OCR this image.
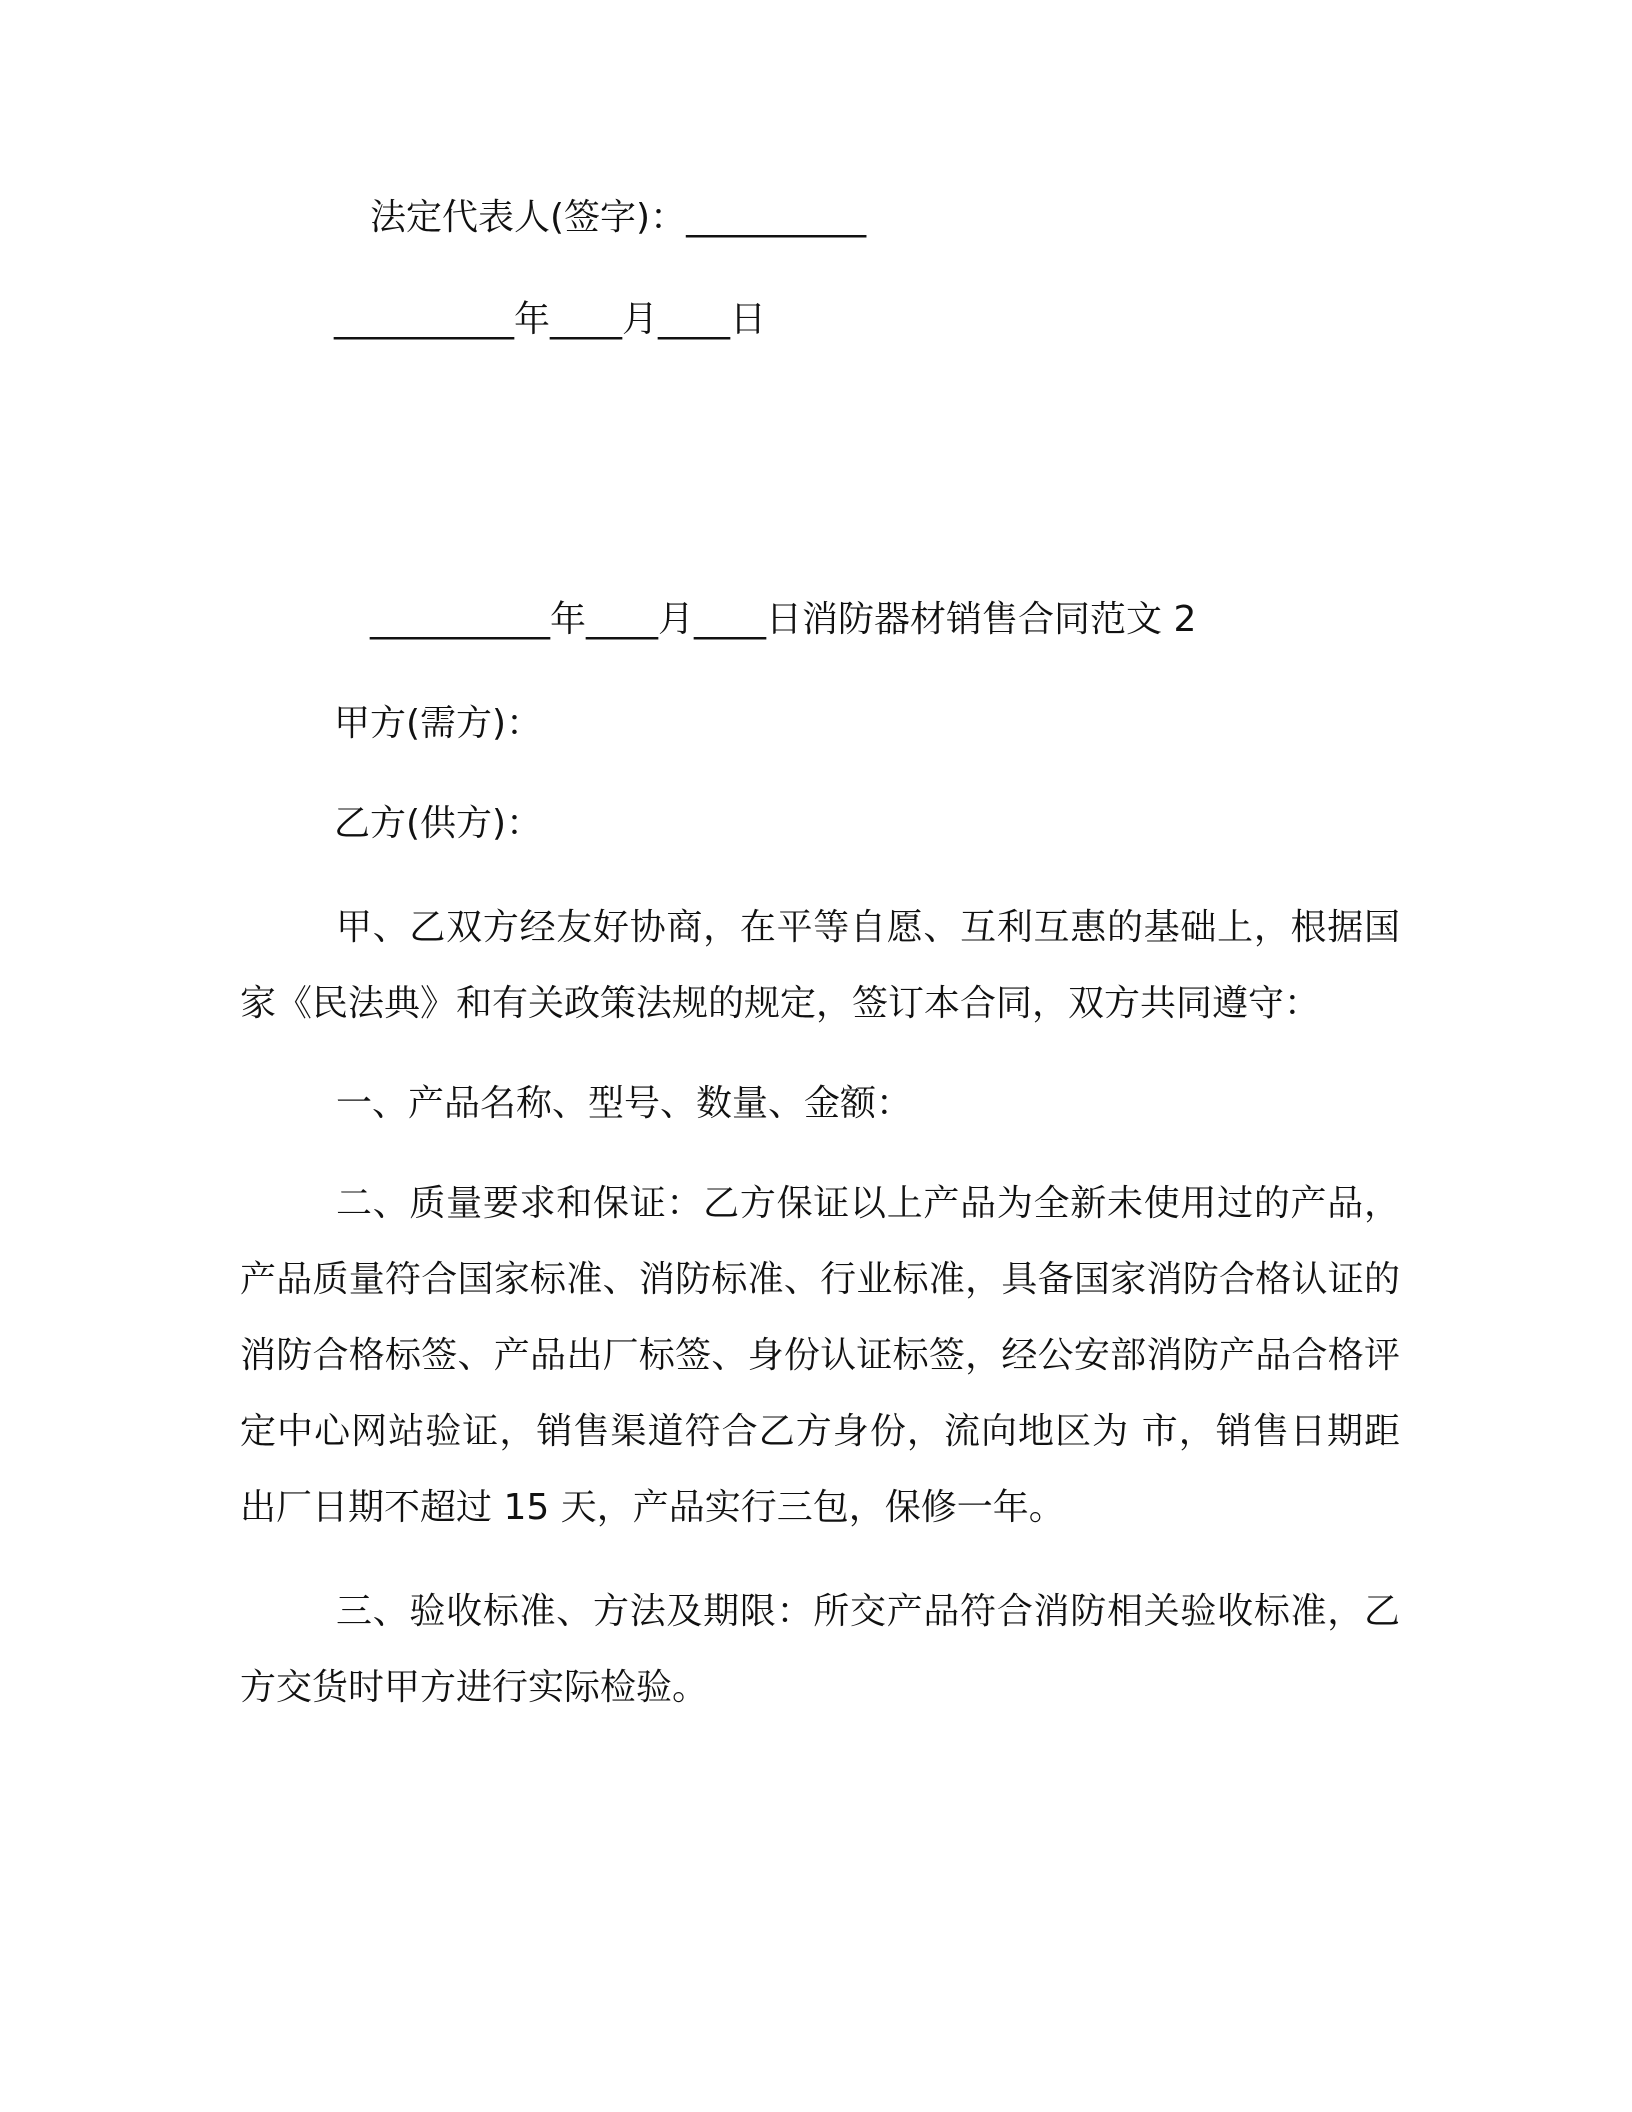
法定代表人(签字)：__________
__________年____月____日
__________年____月____日消防器材销售合同范文 2
甲方(需方)：
乙方(供方)：
甲、乙双方经友好协商，在平等自愿、互利互惠的基础上，根据国家《民法典》和有关政策法规的规定，签订本合同，双方共同遵守：
一、产品名称、型号、数量、金额：
二、质量要求和保证：乙方保证以上产品为全新未使用过的产品，产品质量符合国家标准、消防标准、行业标准，具备国家消防合格认证的消防合格标签、产品出厂标签、身份认证标签，经公安部消防产品合格评定中心网站验证，销售渠道符合乙方身份，流向地区为 市，销售日期距出厂日期不超过 15 天，产品实行三包，保修一年。
三、验收标准、方法及期限：所交产品符合消防相关验收标准，乙方交货时甲方进行实际检验。
